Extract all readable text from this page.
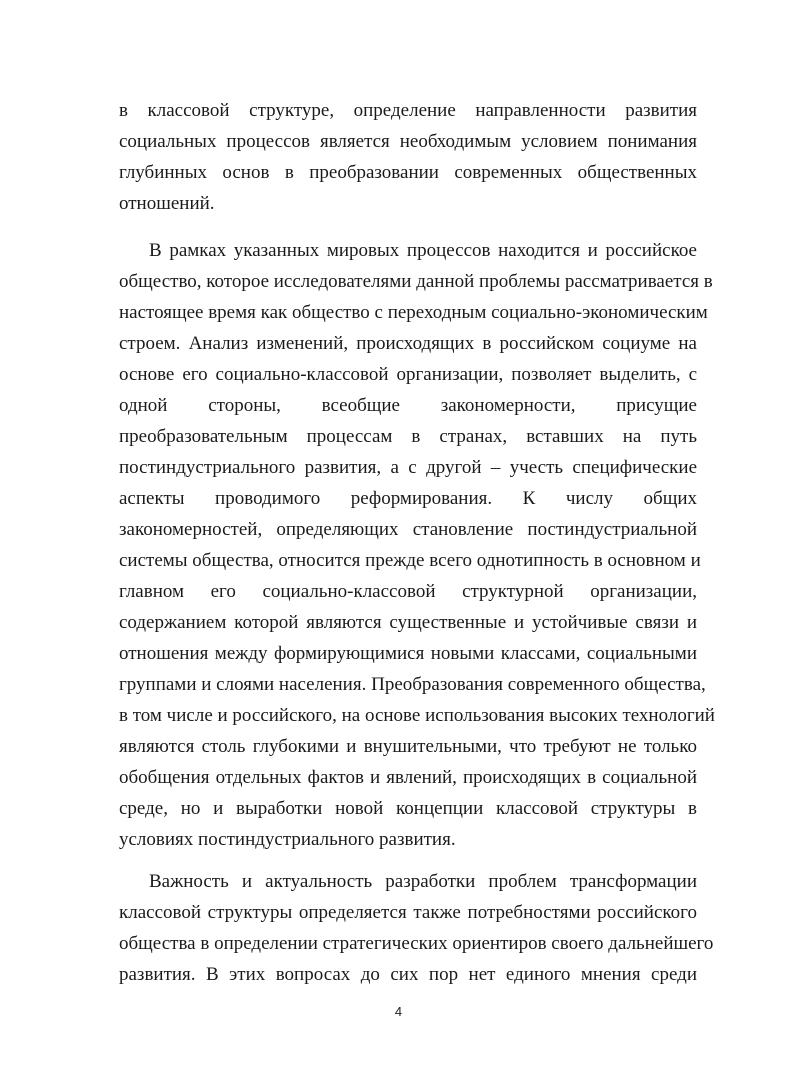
в классовой структуре, определение направленности развития
социальных процессов является необходимым условием понимания
глубинных основ в преобразовании современных общественных
отношений.
В рамках указанных мировых процессов находится и российское
общество, которое исследователями данной проблемы рассматривается в
настоящее время как общество с переходным социально-экономическим
строем. Анализ изменений, происходящих в российском социуме на
основе его социально-классовой организации, позволяет выделить, с
одной стороны, всеобщие закономерности, присущие
преобразовательным процессам в странах, вставших на путь
постиндустриального развития, а с другой – учесть специфические
аспекты проводимого реформирования. К числу общих
закономерностей, определяющих становление постиндустриальной
системы общества, относится прежде всего однотипность в основном и
главном его социально-классовой структурной организации,
содержанием которой являются существенные и устойчивые связи и
отношения между формирующимися новыми классами, социальными
группами и слоями населения. Преобразования современного общества,
в том числе и российского, на основе использования высоких технологий
являются столь глубокими и внушительными, что требуют не только
обобщения отдельных фактов и явлений, происходящих в социальной
среде, но и выработки новой концепции классовой структуры в
условиях постиндустриального развития.
Важность и актуальность разработки проблем трансформации
классовой структуры определяется также потребностями российского
общества в определении стратегических ориентиров своего дальнейшего
развития. В этих вопросах до сих пор нет единого мнения среди
4
